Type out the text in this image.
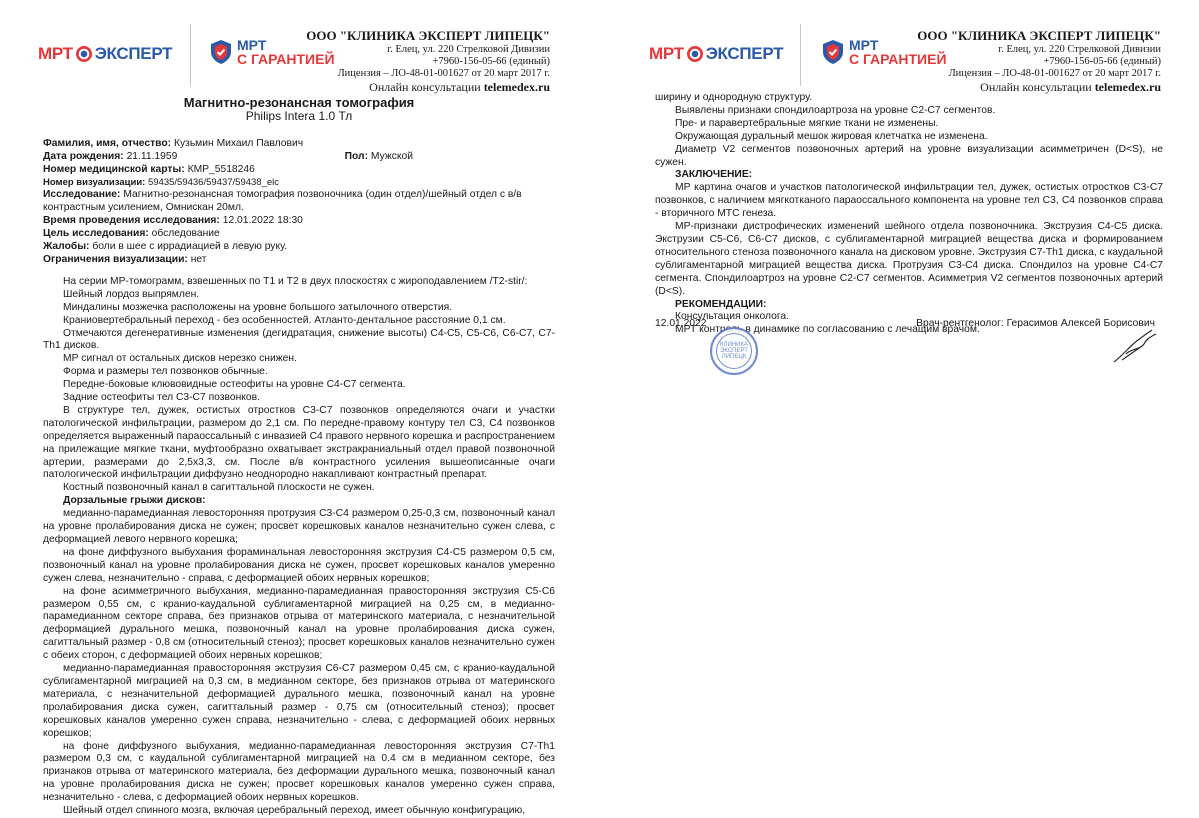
МРТ ЭКСПЕРТ	МРТ
С ГАРАНТИЕЙ
ООО "КЛИНИКА ЭКСПЕРТ ЛИПЕЦК"
г. Елец, ул. 220 Стрелковой Дивизии
+7960-156-05-66 (единый)
Лицензия – ЛО-48-01-001627 от 20 март 2017 г.
Онлайн консультации telemedex.ru
Магнитно-резонансная томография
Philips Intera 1.0 Тл
Фамилия, имя, отчество: Кузьмин Михаил Павлович
Дата рождения: 21.11.1959	Пол: Мужской
Номер медицинской карты: КМР_5518246
Номер визуализации: 59435/59436/59437/59438_elc
Исследование: Магнитно-резонансная томография позвоночника (один отдел)/шейный отдел с в/в контрастным усилением, Омнискан 20мл.
Время проведения исследования: 12.01.2022 18:30
Цель исследования: обследование
Жалобы: боли в шее с иррадиацией в левую руку.
Ограничения визуализации: нет

На серии МР-томограмм, взвешенных по Т1 и Т2 в двух плоскостях с жироподавлением /T2-stir/:

Шейный лордоз выпрямлен.

Миндалины мозжечка расположены на уровне большого затылочного отверстия.

Краниовертебральный переход - без особенностей. Атланто-дентальное расстояние 0,1 см.

Отмечаются дегенеративные изменения (дегидратация, снижение высоты) С4-С5, С5-С6, С6-С7, С7-Th1 дисков.

МР сигнал от остальных дисков нерезко снижен.

Форма и размеры тел позвонков обычные.

Передне-боковые клювовидные остеофиты на уровне С4-С7 сегмента.

Задние остеофиты тел С3-С7 позвонков.

В структуре тел, дужек, остистых отростков С3-С7 позвонков определяются очаги и участки патологической инфильтрации, размером до 2,1 см. По передне-правому контуру тел С3, С4 позвонков определяется выраженный параоссальный с инвазией С4 правого нервного корешка и распространением на прилежащие мягкие ткани, муфтообразно охватывает экстракраниальный отдел правой позвоночной артерии, размерами до 2,5х3,3, см. После в/в контрастного усиления вышеописанные очаги патологической инфильтрации диффузно неоднородно накапливают контрастный препарат.

Костный позвоночный канал в сагиттальной плоскости не сужен.

Дорзальные грыжи дисков:

медианно-парамедианная левосторонняя протрузия С3-С4 размером 0,25-0,3 см, позвоночный канал на уровне пролабирования диска не сужен; просвет корешковых каналов незначительно сужен слева, с деформацией левого нервного корешка;

на фоне диффузного выбухания фораминальная левосторонняя экструзия С4-С5 размером 0,5 см, позвоночный канал на уровне пролабирования диска не сужен, просвет корешковых каналов умеренно сужен слева, незначительно - справа, с деформацией обоих нервных корешков;

на фоне асимметричного выбухания, медианно-парамедианная правосторонняя экструзия С5-С6 размером 0,55 см, с кранио-каудальной сублигаментарной миграцией на 0,25 см, в медианно-парамедианном секторе справа, без признаков отрыва от материнского материала, с незначительной деформацией дурального мешка, позвоночный канал на уровне пролабирования диска сужен, сагиттальный размер - 0,8 см (относительный стеноз); просвет корешковых каналов незначительно сужен с обеих сторон, с деформацией обоих нервных корешков;

медианно-парамедианная правосторонняя экструзия С6-С7 размером 0,45 см, с кранио-каудальной сублигаментарной миграцией на 0,3 см, в медианном секторе, без признаков отрыва от материнского материала, с незначительной деформацией дурального мешка, позвоночный канал на уровне пролабирования диска сужен, сагиттальный размер - 0,75 см (относительный стеноз); просвет корешковых каналов умеренно сужен справа, незначительно - слева, с деформацией обоих нервных корешков;

на фоне диффузного выбухания, медианно-парамедианная левосторонняя экструзия С7-Th1 размером 0,3 см, с каудальной сублигаментарной миграцией на 0.4 см в медианном секторе, без признаков отрыва от материнского материала, без деформации дурального мешка, позвоночный канал на уровне пролабирования диска не сужен; просвет корешковых каналов умеренно сужен справа, незначительно - слева, с деформацией обоих нервных корешков.

Шейный отдел спинного мозга, включая церебральный переход, имеет обычную конфигурацию,

МРТ ЭКСПЕРТ	МРТ
С ГАРАНТИЕЙ
ООО "КЛИНИКА ЭКСПЕРТ ЛИПЕЦК"
г. Елец, ул. 220 Стрелковой Дивизии
+7960-156-05-66 (единый)
Лицензия – ЛО-48-01-001627 от 20 март 2017 г.
Онлайн консультации telemedex.ru

ширину и однородную структуру.

Выявлены признаки спондилоартроза на уровне С2-С7 сегментов.

Пре- и паравертебральные мягкие ткани не изменены.

Окружающая дуральный мешок жировая клетчатка не изменена.

Диаметр V2 сегментов позвоночных артерий на уровне визуализации асимметричен (D<S), не сужен.

ЗАКЛЮЧЕНИЕ:

МР картина очагов и участков патологической инфильтрации тел, дужек, остистых отростков С3-С7 позвонков, с наличием мягкотканого параоссального компонента на уровне тел С3, С4 позвонков справа - вторичного МТС генеза.

МР-признаки дистрофических изменений шейного отдела позвоночника. Экструзия С4-С5 диска. Экструзии С5-С6, С6-С7 дисков, с сублигаментарной миграцией вещества диска и формированием относительного стеноза позвоночного канала на дисковом уровне. Экструзия С7-Th1 диска, с каудальной сублигаментарной миграцией вещества диска. Протрузия С3-С4 диска. Спондилоз на уровне С4-С7 сегмента. Спондилоартроз на уровне С2-С7 сегментов. Асимметрия V2 сегментов позвоночных артерий (D<S).

РЕКОМЕНДАЦИИ:

Консультация онколога.

МРТ контроль в динамике по согласованию с лечащим врачом.

12.01.2022	Врач-рентгенолог: Герасимов Алексей Борисович
КЛИНИКА ЭКСПЕРТ ЛИПЕЦК
